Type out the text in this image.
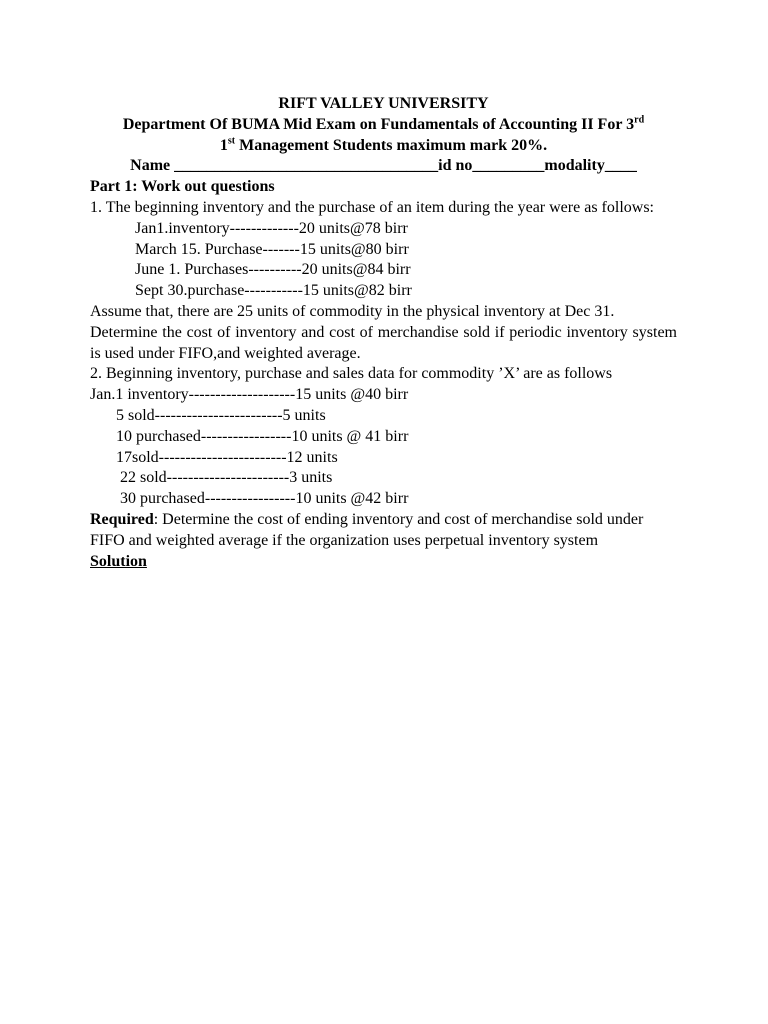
RIFT VALLEY UNIVERSITY
Department Of BUMA Mid Exam on Fundamentals of Accounting II For 3rd
1st Management Students maximum mark 20%.
Name _________________________________id no_________modality____
Part 1: Work out questions
1. The beginning inventory and the purchase of an item during the year were as follows:
Jan1.inventory-------------20 units@78 birr
March 15. Purchase-------15 units@80 birr
June 1. Purchases----------20 units@84 birr
Sept 30.purchase-----------15 units@82 birr
Assume that, there are 25 units of commodity in the physical inventory at Dec 31.
Determine the cost of inventory and cost of merchandise sold if periodic inventory system is used under FIFO,and weighted average.
2. Beginning inventory, purchase and sales data for commodity ’X’ are as follows
Jan.1 inventory--------------------15 units @40 birr
5 sold------------------------5 units
10 purchased-----------------10 units @ 41 birr
17sold------------------------12 units
22 sold-----------------------3 units
30 purchased-----------------10 units @42 birr
Required: Determine the cost of ending inventory and cost of merchandise sold under
FIFO and weighted average if the organization uses perpetual inventory system
Solution
